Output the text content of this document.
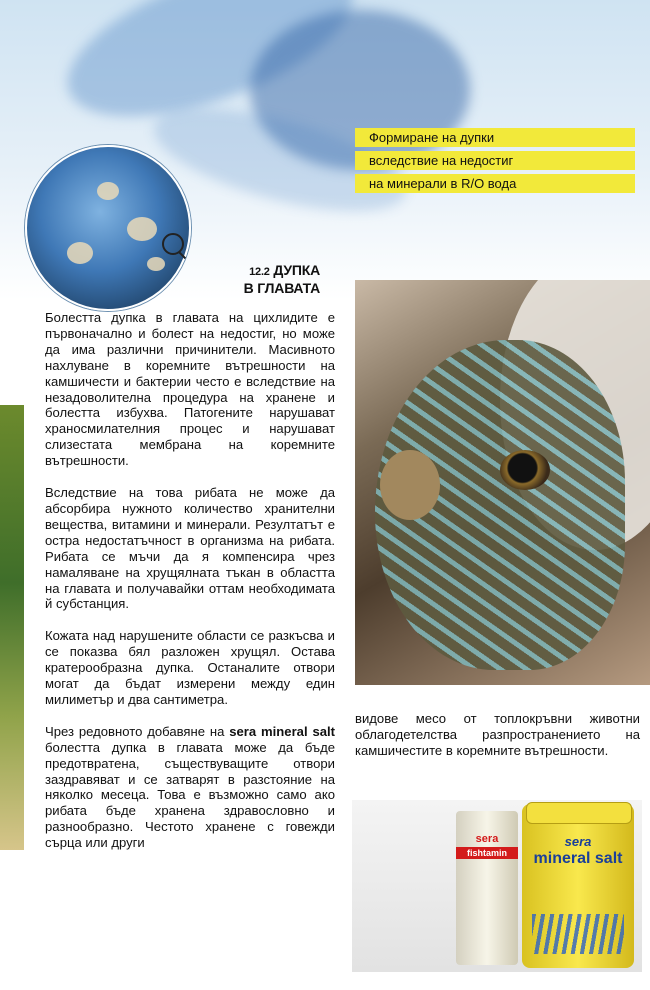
Формиране на дупки
вследствие на недостиг
на минерали в R/O вода
12.2 ДУПКА
В ГЛАВАТА

Болестта дупка в главата на цихлидите е първоначално и болест на недостиг, но може да има различни причинители. Масивното нахлуване в коремните вътрешности на камшичести и бактерии често е вследствие на незадоволителна процедура на хранене и болестта избухва. Патогените нарушават храносмилателния процес и нарушават слизестата мембрана на коремните вътрешности.

Вследствие на това рибата не може да абсорбира нужното количество хранителни вещества, витамини и минерали. Резултатът е остра недостатъчност в организма на рибата. Рибата се мъчи да я компенсира чрез намаляване на хрущялната тъкан в областта на главата и получавайки оттам необходимата й субстанция.

Кожата над нарушените области се разкъсва и се показва бял разложен хрущял. Остава кратерообразна дупка. Останалите отвори могат да бъдат измерени между един милиметър и два сантиметра.

Чрез редовното добавяне на sera mineral salt болестта дупка в главата може да бъде предотвратена, съществуващите отвори заздравяват и се затварят в разстояние на няколко месеца. Това е възможно само ако рибата бъде хранена здравословно и разнообразно. Честото хранене с говежди сърца или други

видове месо от топлокръвни животни облагодетелства разпространението на камшичестите в коремните вътрешности.

sera
fishtamin
sera
mineral salt
